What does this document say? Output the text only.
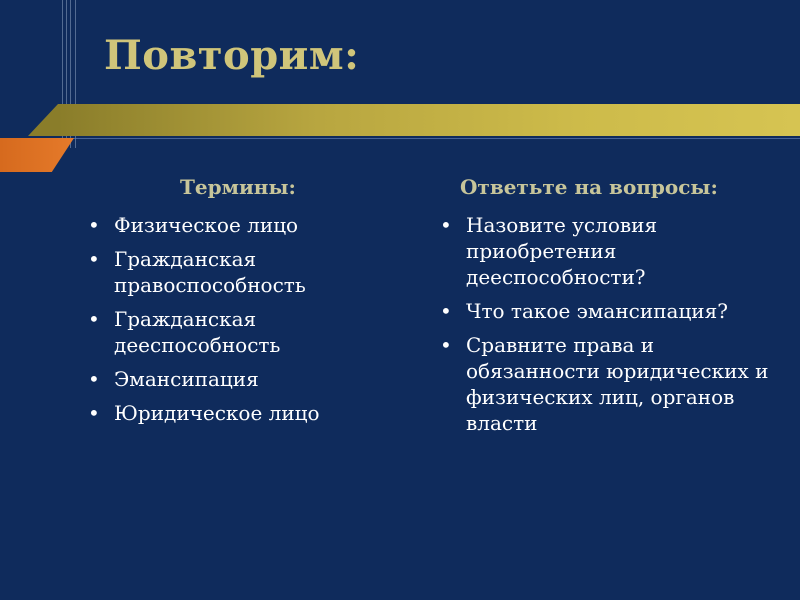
Повторим:
Термины:	Ответьте на вопросы:
• Физическое лицо
• Гражданская правоспособность
• Гражданская дееспособность
• Эмансипация
• Юридическое лицо
• Назовите условия приобретения дееспособности?
• Что такое эмансипация?
• Сравните права и обязанности юридических и физических лиц, органов власти
